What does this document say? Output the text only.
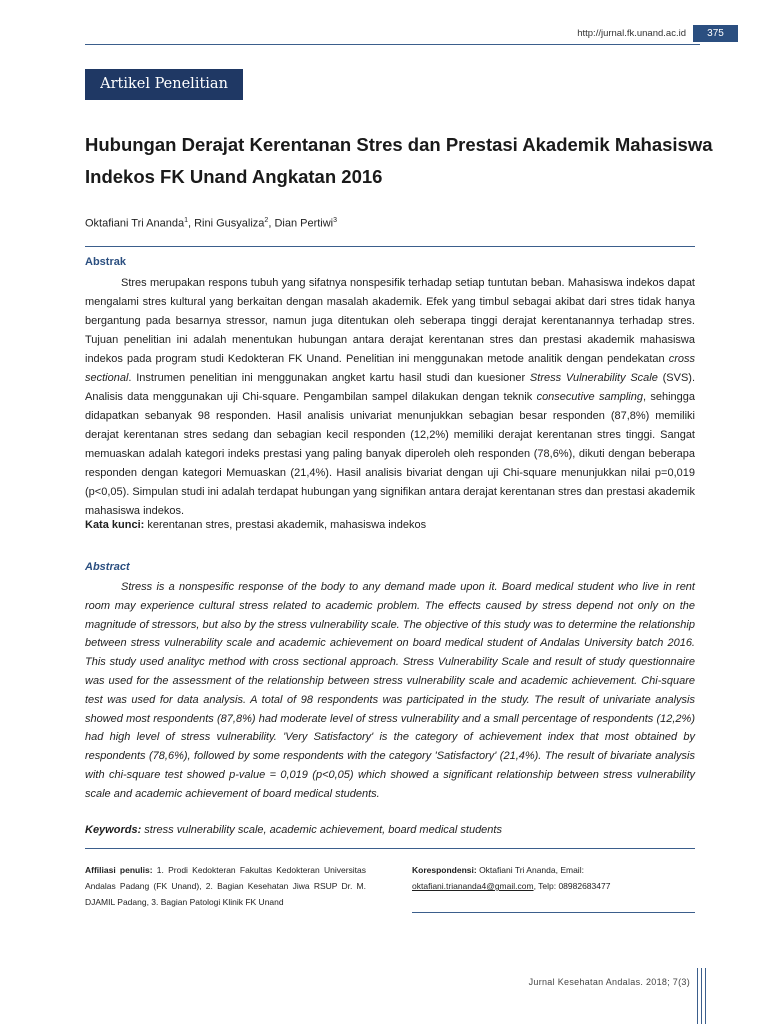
http://jurnal.fk.unand.ac.id	375
Artikel Penelitian
Hubungan Derajat Kerentanan Stres dan Prestasi Akademik Mahasiswa Indekos FK Unand Angkatan 2016
Oktafiani Tri Ananda$^1$, Rini Gusyaliza$^2$, Dian Pertiwi$^3$
Abstrak

Stres merupakan respons tubuh yang sifatnya nonspesifik terhadap setiap tuntutan beban. Mahasiswa indekos dapat mengalami stres kultural yang berkaitan dengan masalah akademik. Efek yang timbul sebagai akibat dari stres tidak hanya bergantung pada besarnya stressor, namun juga ditentukan oleh seberapa tinggi derajat kerentanannya terhadap stres. Tujuan penelitian ini adalah menentukan hubungan antara derajat kerentanan stres dan prestasi akademik mahasiswa indekos pada program studi Kedokteran FK Unand. Penelitian ini menggunakan metode analitik dengan pendekatan cross sectional. Instrumen penelitian ini menggunakan angket kartu hasil studi dan kuesioner Stress Vulnerability Scale (SVS). Analisis data menggunakan uji Chi-square. Pengambilan sampel dilakukan dengan teknik consecutive sampling, sehingga didapatkan sebanyak 98 responden. Hasil analisis univariat menunjukkan sebagian besar responden (87,8%) memiliki derajat kerentanan stres sedang dan sebagian kecil responden (12,2%) memiliki derajat kerentanan stres tinggi. Sangat memuaskan adalah kategori indeks prestasi yang paling banyak diperoleh oleh responden (78,6%), dikuti dengan beberapa responden dengan kategori Memuaskan (21,4%). Hasil analisis bivariat dengan uji Chi-square menunjukkan nilai p=0,019 (p<0,05). Simpulan studi ini adalah terdapat hubungan yang signifikan antara derajat kerentanan stres dan prestasi akademik mahasiswa indekos.

Kata kunci: kerentanan stres, prestasi akademik, mahasiswa indekos

Abstract

Stress is a nonspesific response of the body to any demand made upon it. Board medical student who live in rent room may experience cultural stress related to academic problem. The effects caused by stress depend not only on the magnitude of stressors, but also by the stress vulnerability scale. The objective of this study was to determine the relationship between stress vulnerability scale and academic achievement on board medical student of Andalas University batch 2016. This study used analityc method with cross sectional approach. Stress Vulnerability Scale and result of study questionnaire was used for the assessment of the relationship between stress vulnerability scale and academic achievement. Chi-square test was used for data analysis. A total of 98 respondents was participated in the study. The result of univariate analysis showed most respondents (87,8%) had moderate level of stress vulnerability and a small percentage of respondents (12,2%) had high level of stress vulnerability. 'Very Satisfactory' is the category of achievement index that most obtained by respondents (78,6%), followed by some respondents with the category 'Satisfactory' (21,4%). The result of bivariate analysis with chi-square test showed p-value = 0,019 (p<0,05) which showed a significant relationship between stress vulnerability scale and academic achievement of board medical students.

Keywords: stress vulnerability scale, academic achievement, board medical students

Affiliasi penulis: 1. Prodi Kedokteran Fakultas Kedokteran Universitas Andalas Padang (FK Unand), 2. Bagian Kesehatan Jiwa RSUP Dr. M. DJAMIL Padang, 3. Bagian Patologi Klinik FK Unand

Korespondensi: Oktafiani Tri Ananda, Email:
oktafiani.triananda4@gmail.com, Telp: 08982683477

Jurnal Kesehatan Andalas. 2018; 7(3)
